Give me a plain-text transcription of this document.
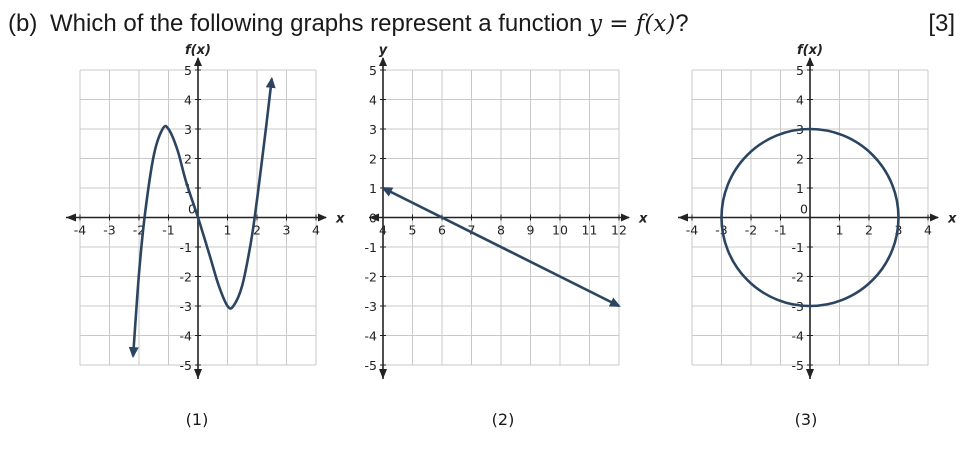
(b) Which of the following graphs represent a function y = f(x)?	[3]
x
f(x)
-4 -3 -2 -1
0
1 2 3 4
5
4
3
2
1
-1
-2
-3
-4
-5
(1)
x
y
4 5 6 7 8 9 10 11 12
5
4
3
2
1
0
-1
-2
-3
-4
-5
(2)
x
f(x)
-4 -3 -2 -1
0
1 2 3 4
5
4
3
2
1
-1
-2
-3
-4
-5
(3)
